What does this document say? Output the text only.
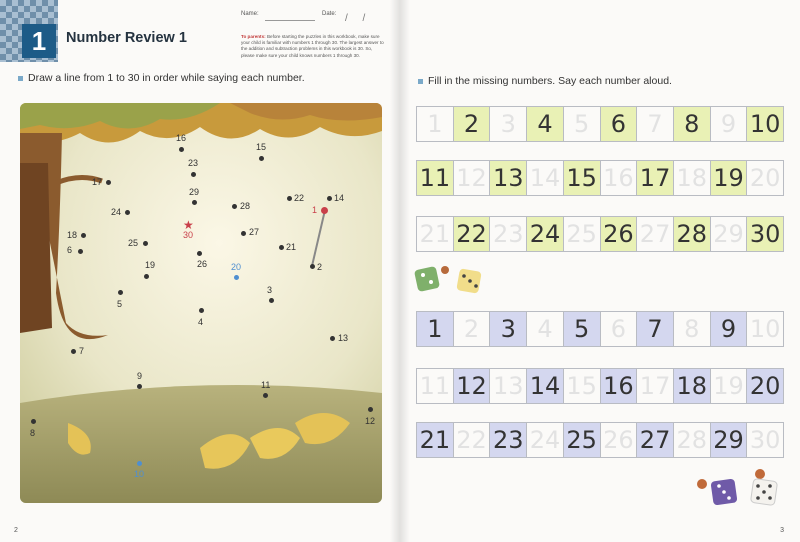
1	Number Review 1
Name:	Date: / /
To parents: Before starting the puzzles in this workbook, make sure your child is familiar with numbers 1 through 30. The largest answer to the addition and subtraction problems in this workbook is 30. So, please make sure your child knows numbers 1 through 30.
Draw a line from 1 to 30 in order while saying each number.
1
2
3
4
5
6
7
8
9
10
11
12
13
14
15
16
17
18
19	20
21
22
23
24
25
26
27
28
29
★
30
2
Fill in the missing numbers. Say each number aloud.
3
1 2 3 4 5 6 7 8 9 10
11 12 13 14 15 16 17 18 19 20
21 22 23 24 25 26 27 28 29 30
1 2 3 4 5 6 7 8 9 10
11 12 13 14 15 16 17 18 19 20
21 22 23 24 25 26 27 28 29 30
